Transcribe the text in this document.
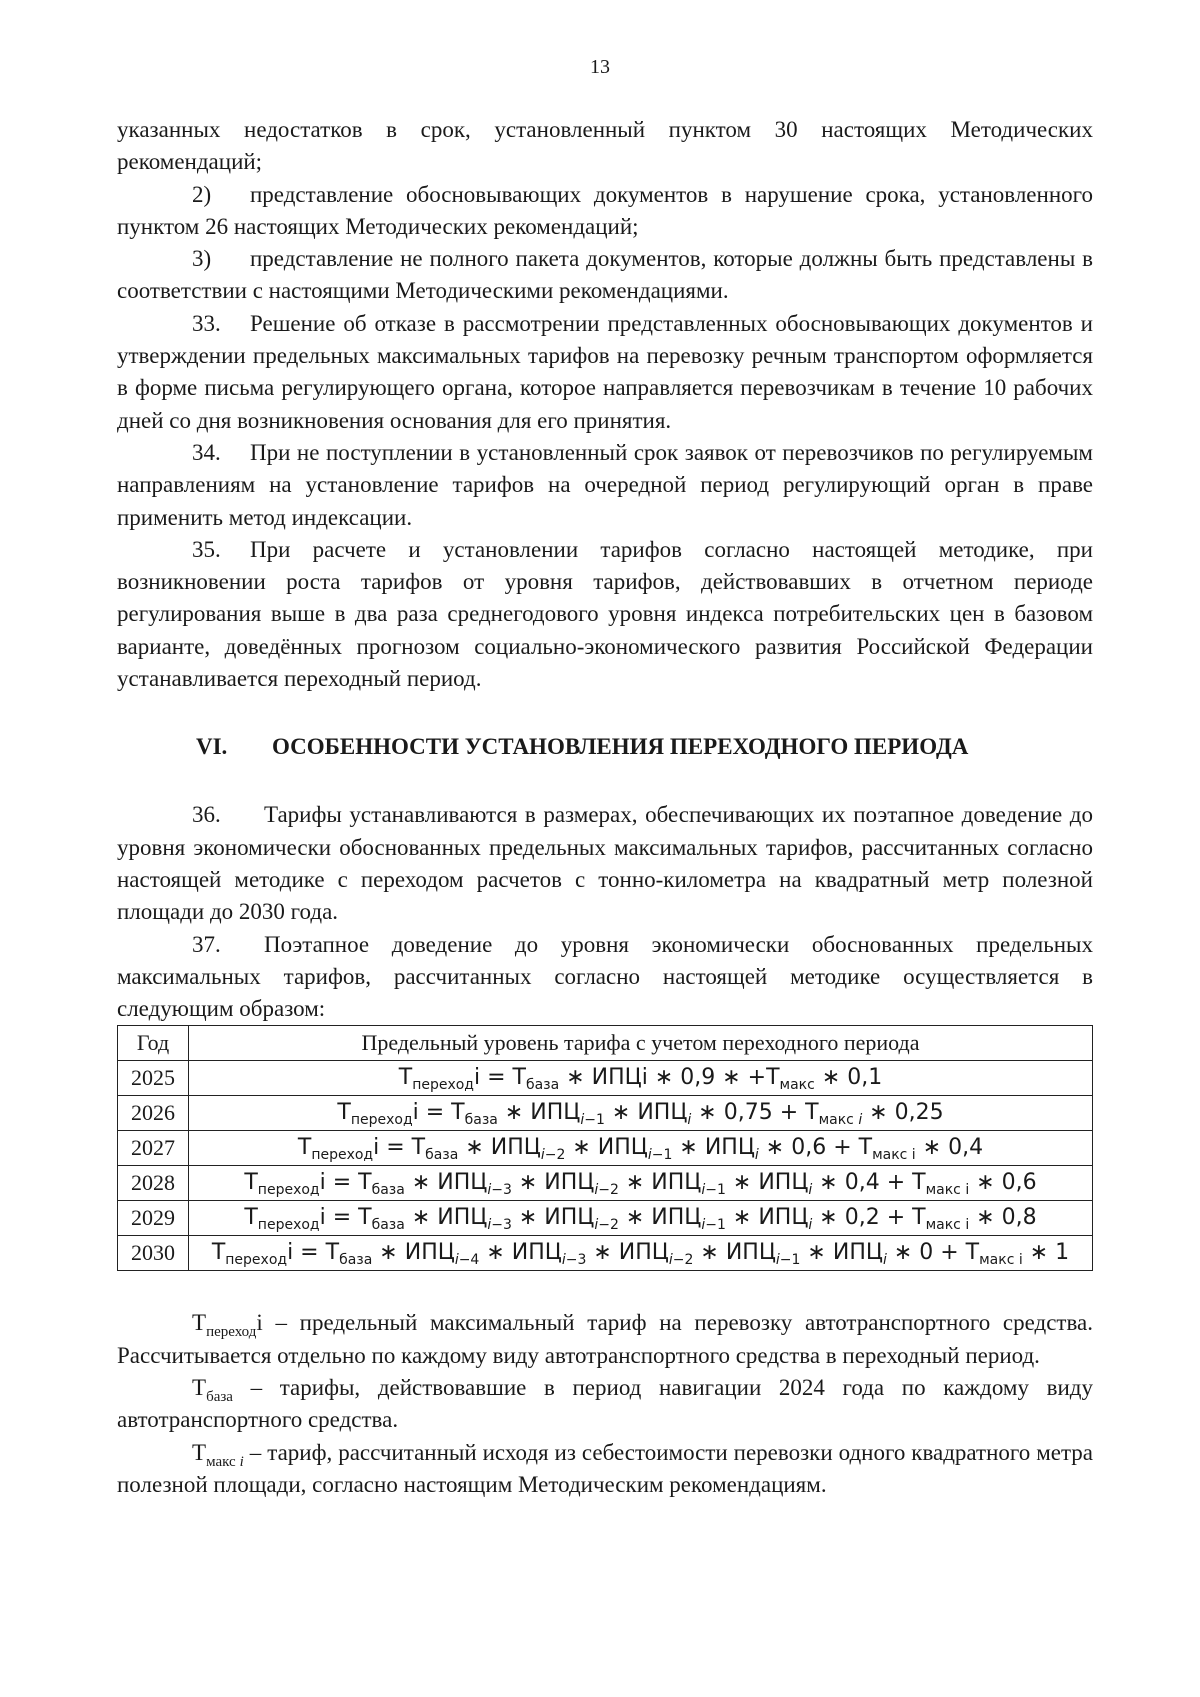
13

указанных недостатков в срок, установленный пунктом 30 настоящих Методических рекомендаций;

2) представление обосновывающих документов в нарушение срока, установленного пунктом 26 настоящих Методических рекомендаций;

3) представление не полного пакета документов, которые должны быть представлены в соответствии с настоящими Методическими рекомендациями.

33. Решение об отказе в рассмотрении представленных обосновывающих документов и утверждении предельных максимальных тарифов на перевозку речным транспортом оформляется в форме письма регулирующего органа, которое направляется перевозчикам в течение 10 рабочих дней со дня возникновения основания для его принятия.

34. При не поступлении в установленный срок заявок от перевозчиков по регулируемым направлениям на установление тарифов на очередной период регулирующий орган в праве применить метод индексации.

35. При расчете и установлении тарифов согласно настоящей методике, при возникновении роста тарифов от уровня тарифов, действовавших в отчетном периоде регулирования выше в два раза среднегодового уровня индекса потребительских цен в базовом варианте, доведённых прогнозом социально-экономического развития Российской Федерации устанавливается переходный период.

VI. ОСОБЕННОСТИ УСТАНОВЛЕНИЯ ПЕРЕХОДНОГО ПЕРИОДА

36. Тарифы устанавливаются в размерах, обеспечивающих их поэтапное доведение до уровня экономически обоснованных предельных максимальных тарифов, рассчитанных согласно настоящей методике с переходом расчетов с тонно-километра на квадратный метр полезной площади до 2030 года.

37. Поэтапное доведение до уровня экономически обоснованных предельных максимальных тарифов, рассчитанных согласно настоящей методике осуществляется в следующим образом:

Год	Предельный уровень тарифа с учетом переходного периода
2025	$T_{переход}i = T_{база}$ ∗ ИПЦi ∗ 0,9 ∗ $+T_{макс}$ ∗ 0,1
2026	$T_{переход}i = T_{база}$ ∗ $ИПЦ_{i-1}$ ∗ $ИПЦ_i$ ∗ $0,75 + T_{макс i}$ ∗ 0,25
2027	$T_{переход}i = T_{база}$ ∗ $ИПЦ_{i-2}$ ∗ $ИПЦ_{i-1}$ ∗ $ИПЦ_i$ ∗ $0,6 + T_{макс i}$ ∗ 0,4
2028	$T_{переход}i = T_{база}$ ∗ $ИПЦ_{i-3}$ ∗ $ИПЦ_{i-2}$ ∗ $ИПЦ_{i-1}$ ∗ $ИПЦ_i$ ∗ $0,4 + T_{макс i}$ ∗ 0,6
2029	$T_{переход}i = T_{база}$ ∗ $ИПЦ_{i-3}$ ∗ $ИПЦ_{i-2}$ ∗ $ИПЦ_{i-1}$ ∗ $ИПЦ_i$ ∗ $0,2 + T_{макс i}$ ∗ 0,8
2030	$T_{переход}i = T_{база}$ ∗ $ИПЦ_{i-4}$ ∗ $ИПЦ_{i-3}$ ∗ $ИПЦ_{i-2}$ ∗ $ИПЦ_{i-1}$ ∗ $ИПЦ_i$ ∗ $0 + T_{макс i}$ ∗ 1

$T_{переход}i$ – предельный максимальный тариф на перевозку автотранспортного средства. Рассчитывается отдельно по каждому виду автотранспортного средства в переходный период.

$T_{база}$ – тарифы, действовавшие в период навигации 2024 года по каждому виду автотранспортного средства.

$T_{макс i}$ – тариф, рассчитанный исходя из себестоимости перевозки одного квадратного метра полезной площади, согласно настоящим Методическим рекомендациям.
